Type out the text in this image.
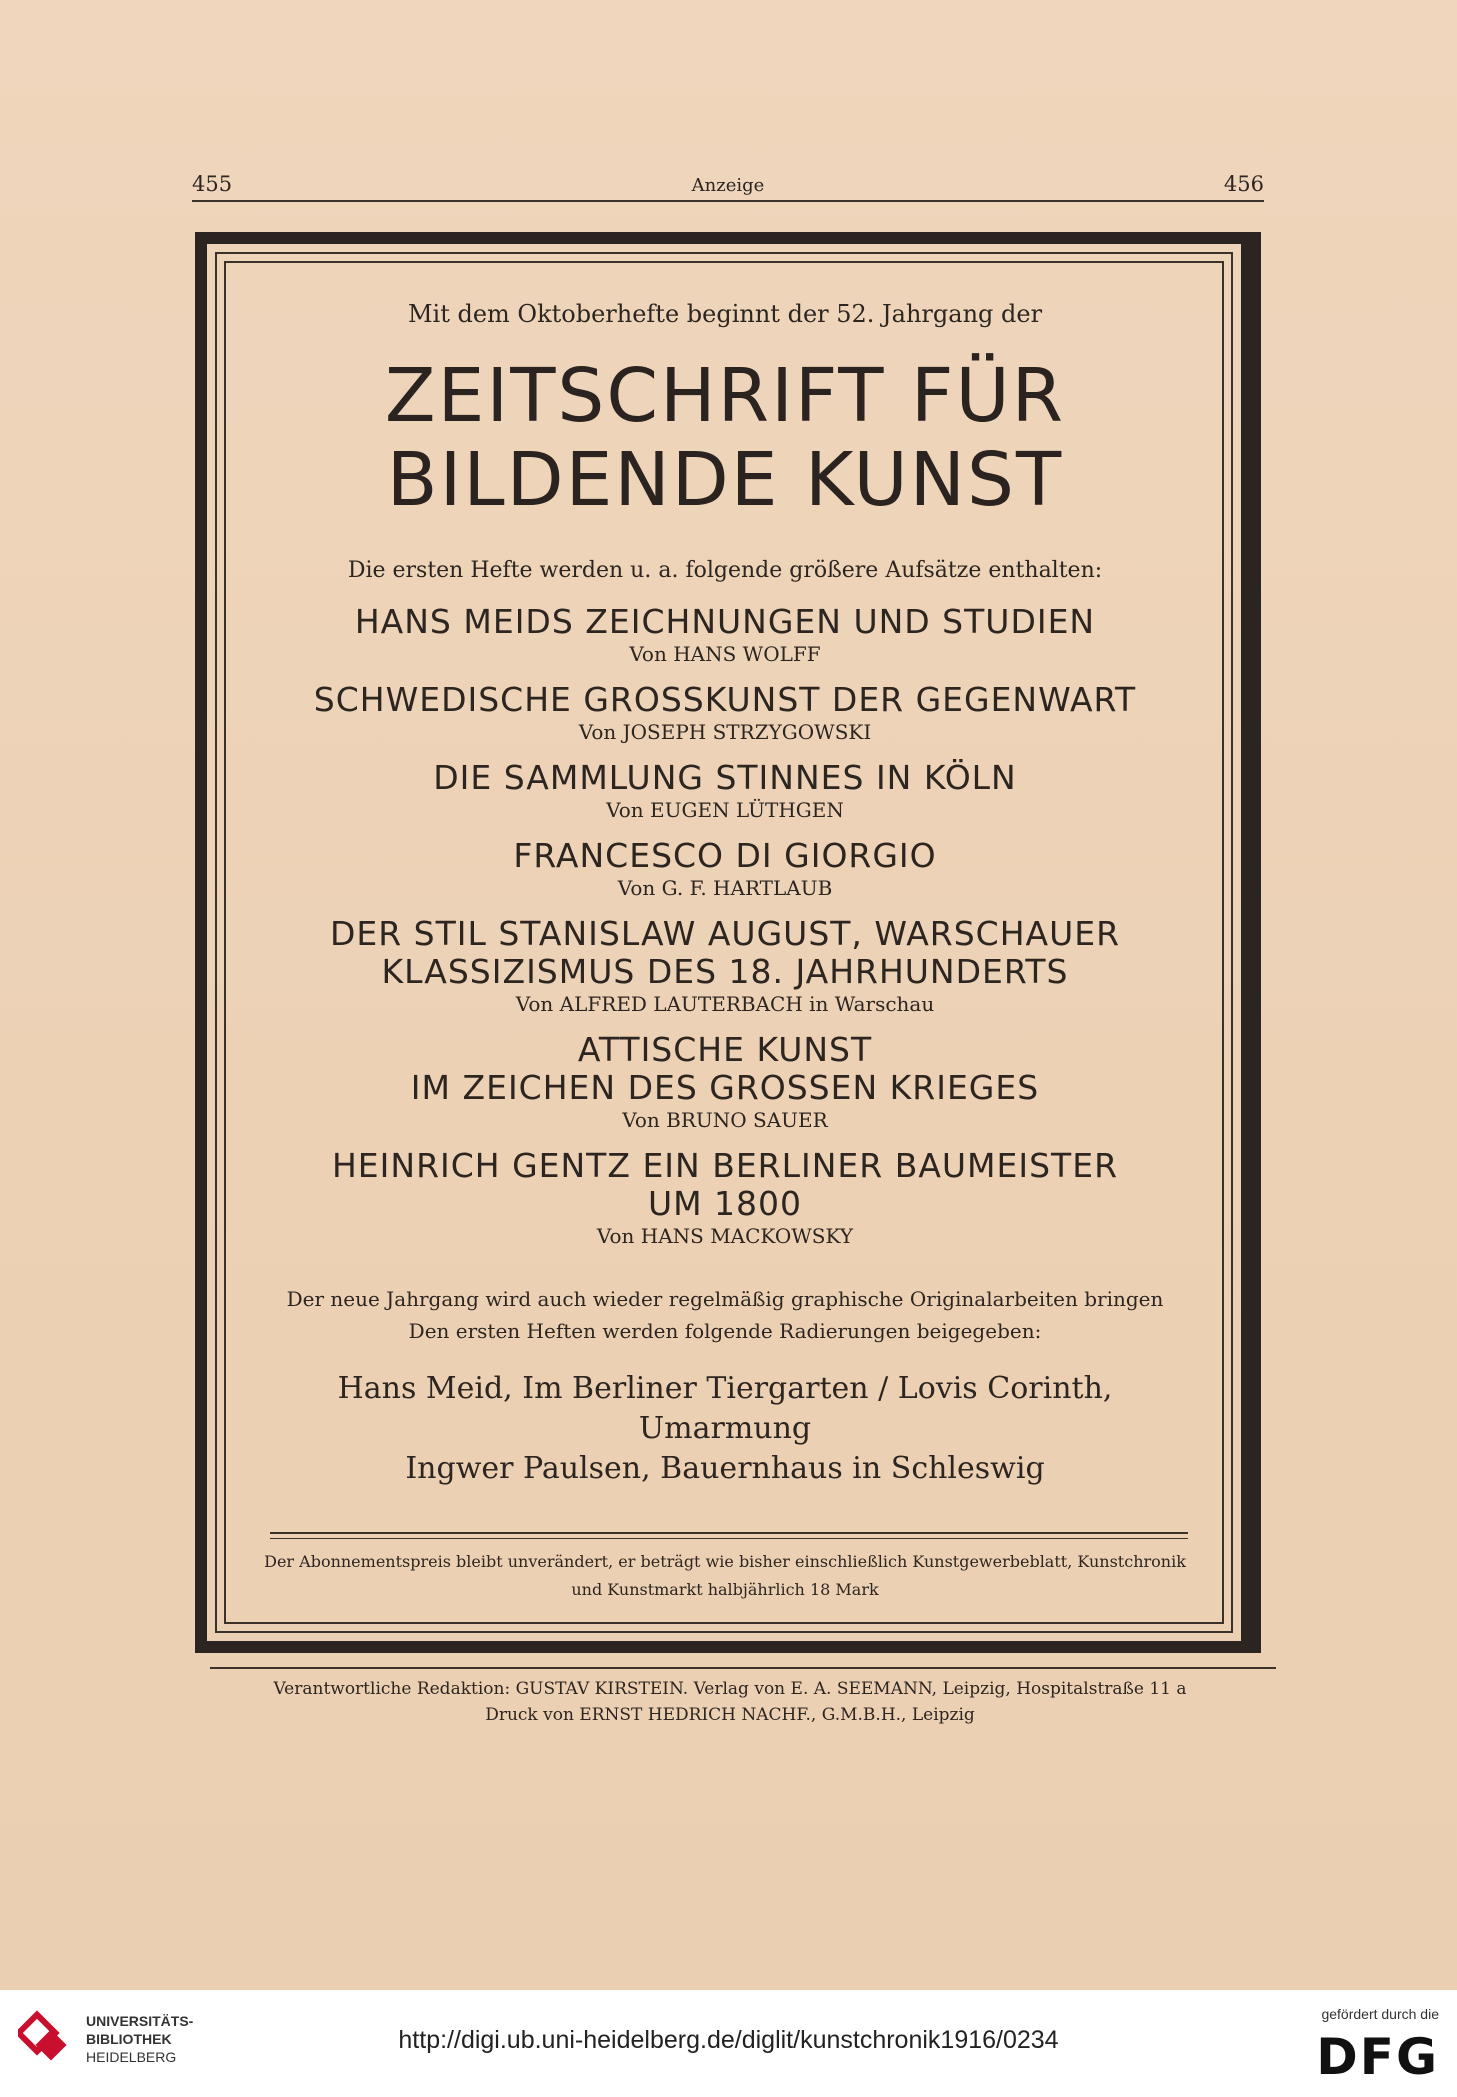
455	Anzeige	456
Mit dem Oktoberhefte beginnt der 52. Jahrgang der
ZEITSCHRIFT FÜR
BILDENDE KUNST
Die ersten Hefte werden u. a. folgende größere Aufsätze enthalten:
HANS MEIDS ZEICHNUNGEN UND STUDIEN
Von HANS WOLFF
SCHWEDISCHE GROSSKUNST DER GEGENWART
Von JOSEPH STRZYGOWSKI
DIE SAMMLUNG STINNES IN KÖLN
Von EUGEN LÜTHGEN
FRANCESCO DI GIORGIO
Von G. F. HARTLAUB
DER STIL STANISLAW AUGUST, WARSCHAUER
KLASSIZISMUS DES 18. JAHRHUNDERTS
Von ALFRED LAUTERBACH in Warschau
ATTISCHE KUNST
IM ZEICHEN DES GROSSEN KRIEGES
Von BRUNO SAUER
HEINRICH GENTZ EIN BERLINER BAUMEISTER
UM 1800
Von HANS MACKOWSKY
Der neue Jahrgang wird auch wieder regelmäßig graphische Originalarbeiten bringen
Den ersten Heften werden folgende Radierungen beigegeben:
Hans Meid, Im Berliner Tiergarten / Lovis Corinth, Umarmung
Ingwer Paulsen, Bauernhaus in Schleswig
Der Abonnementspreis bleibt unverändert, er beträgt wie bisher einschließlich Kunstgewerbeblatt, Kunstchronik
und Kunstmarkt halbjährlich 18 Mark
Verantwortliche Redaktion: GUSTAV KIRSTEIN. Verlag von E. A. SEEMANN, Leipzig, Hospitalstraße 11 a
Druck von ERNST HEDRICH NACHF., G.M.B.H., Leipzig
UNIVERSITÄTS-
BIBLIOTHEK
HEIDELBERG
http://digi.ub.uni-heidelberg.de/diglit/kunstchronik1916/0234
gefördert durch die
DFG
